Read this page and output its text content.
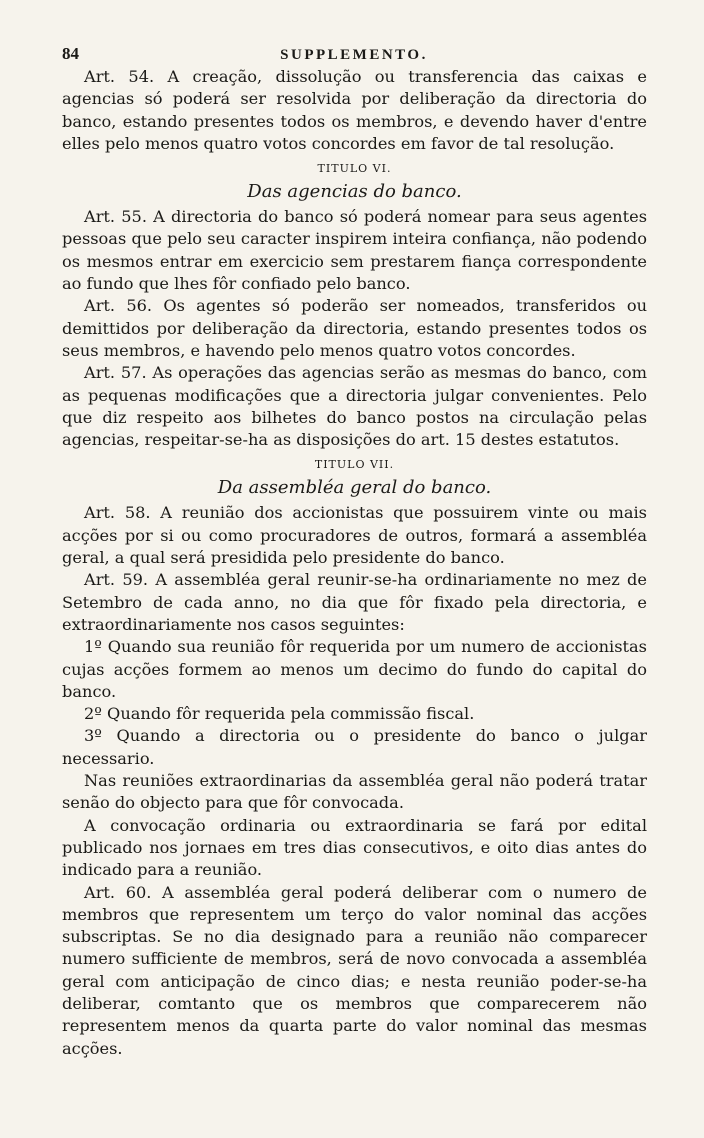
84	SUPPLEMENTO.

Art. 54. A creação, dissolução ou transferencia das caixas e agencias só poderá ser resolvida por deliberação da directoria do banco, estando presentes todos os membros, e devendo haver d'entre elles pelo menos quatro votos concordes em favor de tal resolução.

TITULO VI.
Das agencias do banco.

Art. 55. A directoria do banco só poderá nomear para seus agentes pessoas que pelo seu caracter inspirem inteira confiança, não podendo os mesmos entrar em exercicio sem prestarem fiança correspondente ao fundo que lhes fôr confiado pelo banco.

Art. 56. Os agentes só poderão ser nomeados, transferidos ou demittidos por deliberação da directoria, estando presentes todos os seus membros, e havendo pelo menos quatro votos concordes.

Art. 57. As operações das agencias serão as mesmas do banco, com as pequenas modificações que a directoria julgar convenientes. Pelo que diz respeito aos bilhetes do banco postos na circulação pelas agencias, respeitar-se-ha as disposições do art. 15 destes estatutos.

TITULO VII.
Da assembléa geral do banco.

Art. 58. A reunião dos accionistas que possuirem vinte ou mais acções por si ou como procuradores de outros, formará a assembléa geral, a qual será presidida pelo presidente do banco.

Art. 59. A assembléa geral reunir-se-ha ordinariamente no mez de Setembro de cada anno, no dia que fôr fixado pela directoria, e extraordinariamente nos casos seguintes:

1º Quando sua reunião fôr requerida por um numero de accionistas cujas acções formem ao menos um decimo do fundo do capital do banco.

2º Quando fôr requerida pela commissão fiscal.

3º Quando a directoria ou o presidente do banco o julgar necessario.

Nas reuniões extraordinarias da assembléa geral não poderá tratar senão do objecto para que fôr convocada.

A convocação ordinaria ou extraordinaria se fará por edital publicado nos jornaes em tres dias consecutivos, e oito dias antes do indicado para a reunião.

Art. 60. A assembléa geral poderá deliberar com o numero de membros que representem um terço do valor nominal das acções subscriptas. Se no dia designado para a reunião não comparecer numero sufficiente de membros, será de novo convocada a assembléa geral com anticipação de cinco dias; e nesta reunião poder-se-ha deliberar, comtanto que os membros que comparecerem não representem menos da quarta parte do valor nominal das mesmas acções.
